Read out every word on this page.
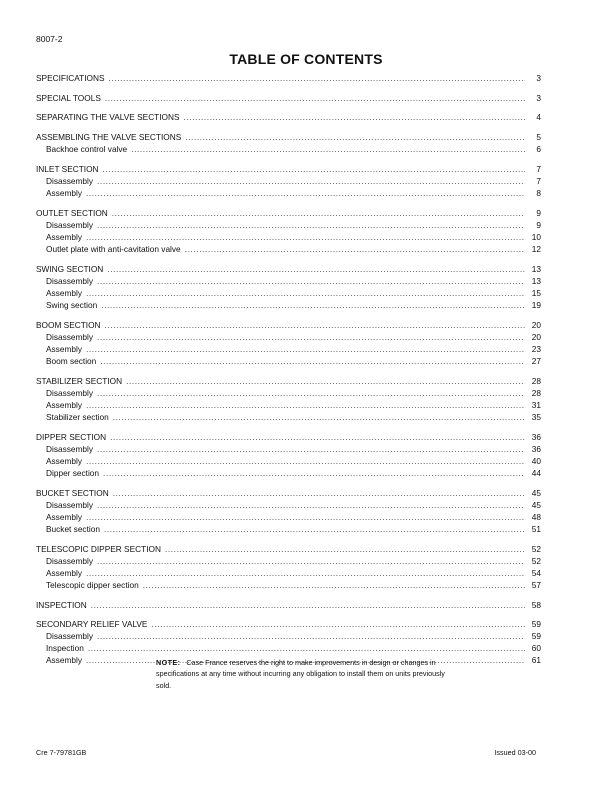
8007-2
TABLE OF CONTENTS
SPECIFICATIONS .....	3
SPECIAL TOOLS .....	3
SEPARATING THE VALVE SECTIONS .....	4
ASSEMBLING THE VALVE SECTIONS .....	5
Backhoe control valve .....	6
INLET SECTION .....	7
Disassembly .....	7
Assembly .....	8
OUTLET SECTION .....	9
Disassembly .....	9
Assembly .....	10
Outlet plate with anti-cavitation valve .....	12
SWING SECTION .....	13
Disassembly .....	13
Assembly .....	15
Swing section .....	19
BOOM SECTION .....	20
Disassembly .....	20
Assembly .....	23
Boom section .....	27
STABILIZER SECTION .....	28
Disassembly .....	28
Assembly .....	31
Stabilizer section .....	35
DIPPER SECTION .....	36
Disassembly .....	36
Assembly .....	40
Dipper section .....	44
BUCKET SECTION .....	45
Disassembly .....	45
Assembly .....	48
Bucket section .....	51
TELESCOPIC DIPPER SECTION .....	52
Disassembly .....	52
Assembly .....	54
Telescopic dipper section .....	57
INSPECTION .....	58
SECONDARY RELIEF VALVE .....	59
Disassembly .....	59
Inspection .....	60
Assembly .....	61
NOTE: Case France reserves the right to make improvements in design or changes in specifications at any time without incurring any obligation to install them on units previously sold.
Cre 7-79781GB	Issued 03-00
